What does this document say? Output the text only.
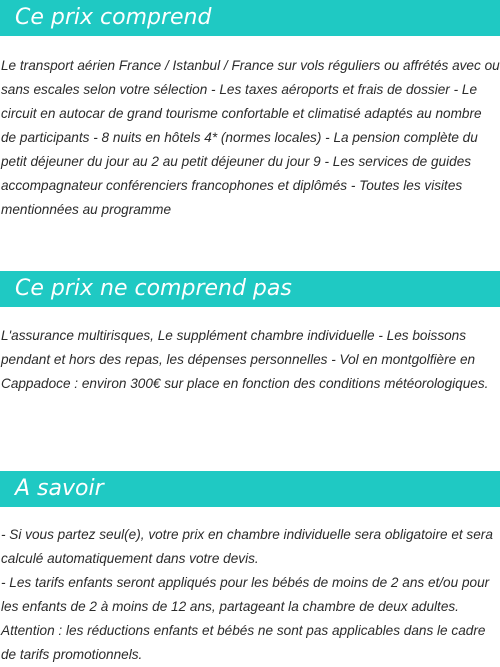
Ce prix comprend

Le transport aérien France / Istanbul / France sur vols réguliers ou affrétés avec ou sans escales selon votre sélection - Les taxes aéroports et frais de dossier - Le circuit en autocar de grand tourisme confortable et climatisé adaptés au nombre de participants - 8 nuits en hôtels 4* (normes locales) - La pension complète du petit déjeuner du jour au 2 au petit déjeuner du jour 9 - Les services de guides accompagnateur conférenciers francophones et diplômés - Toutes les visites mentionnées au programme

Ce prix ne comprend pas

L'assurance multirisques, Le supplément chambre individuelle - Les boissons pendant et hors des repas, les dépenses personnelles - Vol en montgolfière en Cappadoce : environ 300€ sur place en fonction des conditions météorologiques.

A savoir

- Si vous partez seul(e), votre prix en chambre individuelle sera obligatoire et sera calculé automatiquement dans votre devis.

- Les tarifs enfants seront appliqués pour les bébés de moins de 2 ans et/ou pour les enfants de 2 à moins de 12 ans, partageant la chambre de deux adultes. Attention : les réductions enfants et bébés ne sont pas applicables dans le cadre de tarifs promotionnels.
